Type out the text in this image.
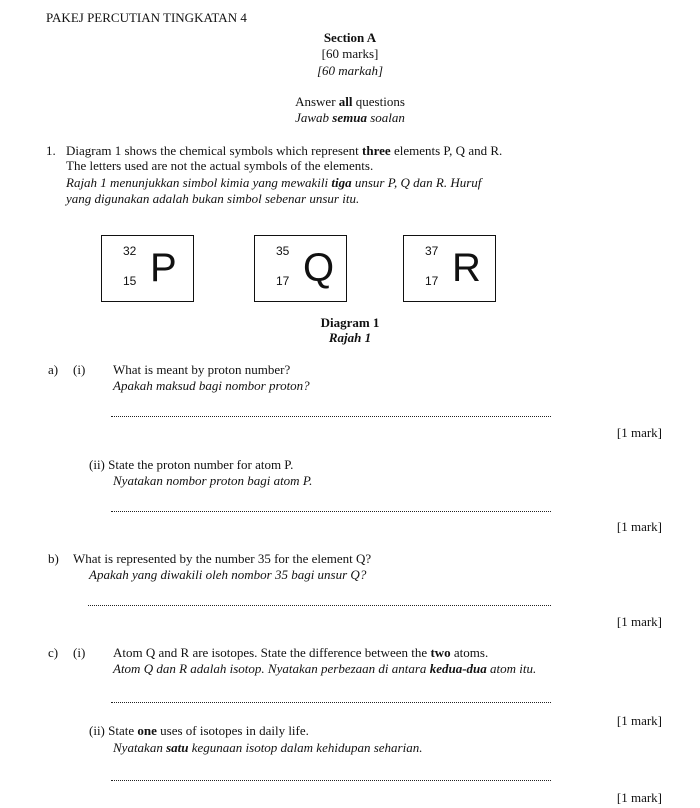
PAKEJ PERCUTIAN TINGKATAN 4
Section A
[60 marks]
[60 markah]
Answer all questions
Jawab semua soalan
1. Diagram 1 shows the chemical symbols which represent three elements P, Q and R.
The letters used are not the actual symbols of the elements.
Rajah 1 menunjukkan simbol kimia yang mewakili tiga unsur P, Q dan R. Huruf
yang digunakan adalah bukan simbol sebenar unsur itu.
32
15 P	35
17 Q	37
17 R
Diagram 1
Rajah 1
a) (i) What is meant by proton number?
Apakah maksud bagi nombor proton?
[1 mark]
(ii) State the proton number for atom P.
Nyatakan nombor proton bagi atom P.
[1 mark]
b) What is represented by the number 35 for the element Q?
Apakah yang diwakili oleh nombor 35 bagi unsur Q?
[1 mark]
c) (i) Atom Q and R are isotopes. State the difference between the two atoms.
Atom Q dan R adalah isotop. Nyatakan perbezaan di antara kedua-dua atom itu.
[1 mark]
(ii) State one uses of isotopes in daily life.
Nyatakan satu kegunaan isotop dalam kehidupan seharian.
[1 mark]
